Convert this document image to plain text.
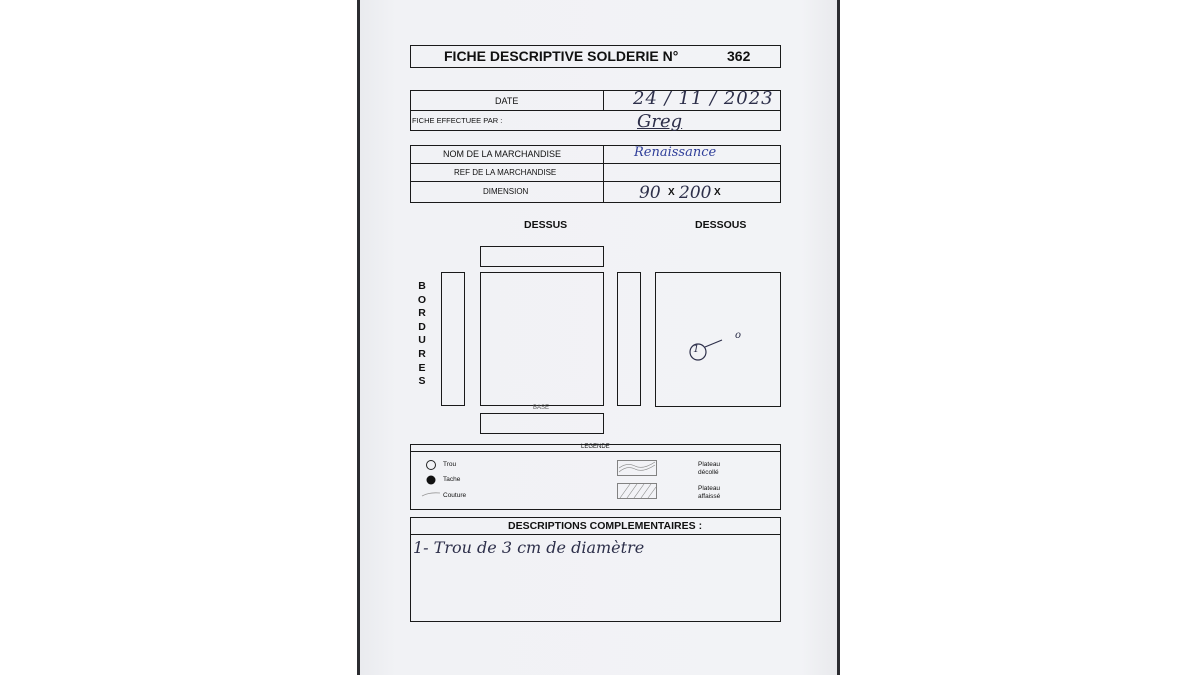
FICHE DESCRIPTIVE SOLDERIE N°	362
DATE	24 / 11 / 2023
FICHE EFFECTUEE PAR :	Greg
NOM DE LA MARCHANDISE	Renaissance
REF DE LA MARCHANDISE
DIMENSION	90 X 200 X
DESSUS	DESSOUS
B
O
R
D
U
R
E
S
BASE
1
o
LEGENDE
Trou
Tache
Couture
Plateau
décollé
Plateau
affaissé
DESCRIPTIONS COMPLEMENTAIRES :
1- Trou de 3 cm de diamètre
